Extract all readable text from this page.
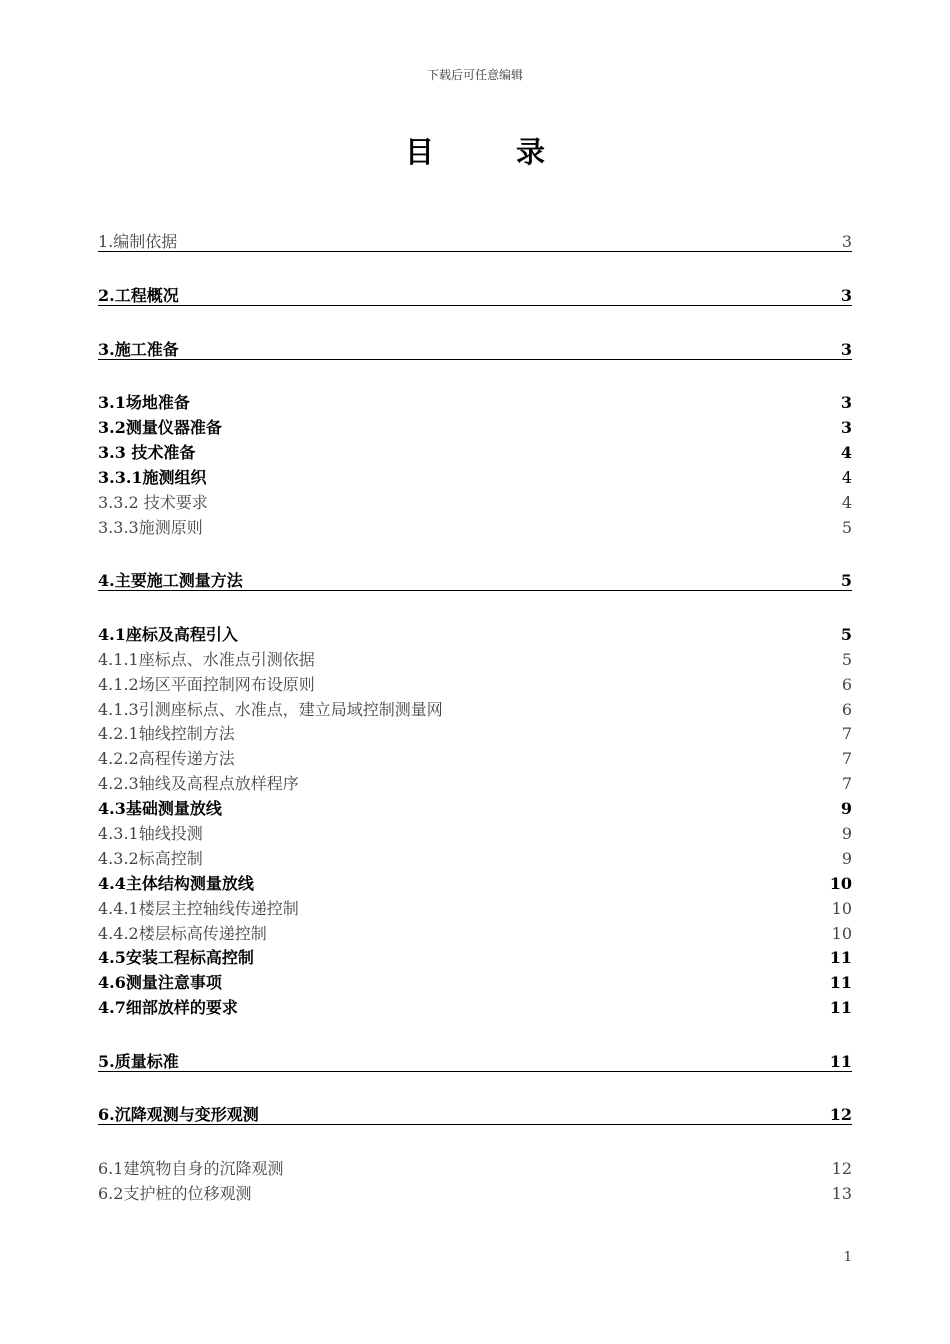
下载后可任意编辑
目 录
1.编制依据	3
2.工程概况	3
3.施工准备	3
3.1场地准备	3
3.2测量仪器准备	3
3.3 技术准备	4
3.3.1施测组织	4
3.3.2 技术要求	4
3.3.3施测原则	5
4.主要施工测量方法	5
4.1座标及高程引入	5
4.1.1座标点、水准点引测依据	5
4.1.2场区平面控制网布设原则	6
4.1.3引测座标点、水准点，建立局域控制测量网	6
4.2.1轴线控制方法	7
4.2.2高程传递方法	7
4.2.3轴线及高程点放样程序	7
4.3基础测量放线	9
4.3.1轴线投测	9
4.3.2标高控制	9
4.4主体结构测量放线	10
4.4.1楼层主控轴线传递控制	10
4.4.2楼层标高传递控制	10
4.5安装工程标高控制	11
4.6测量注意事项	11
4.7细部放样的要求	11
5.质量标准	11
6.沉降观测与变形观测	12
6.1建筑物自身的沉降观测	12
6.2支护桩的位移观测	13
1
